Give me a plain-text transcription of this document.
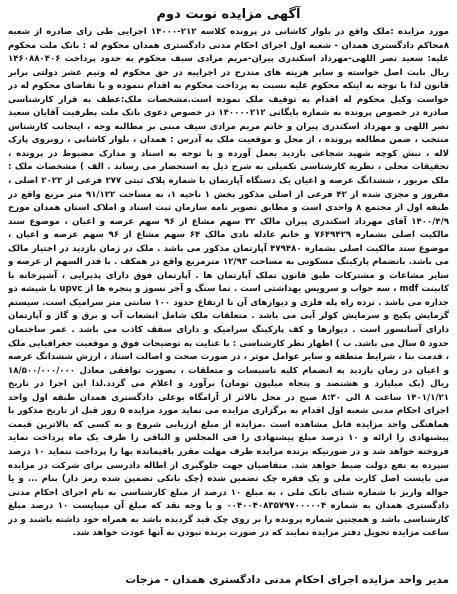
آگهی مزایده نوبت دوم

مورد مزایده :ملک واقع در بلوار کاشانی در پرونده کلاسه ۲۱۲-۱۴۰۰۰ اجرایی طی رای صادره از شعبه ۸محاکم دادگستری همدان - شعبه اول اجرای احکام مدنی دادگستری همدان محکوم له : بانک ملت محکوم علیه: سعید نصر اللهی-مهرداد اسکندری پیران-مریم مرادی سیف محکوم به حدود پرداخت ۱۴۶۰۸۸۰۴۰۶ ریال بابت اصل خواسته و سایر هزینه های مندرج در اجراییه در حق محکوم له ونیم عشر دولتی برابر قانون لذا با توجه به اینکه محکوم علیه نسبت به پرداخت محکوم به اقدام ننموده و با تقاضای محکوم له در خواست وکیل محکوم له اقدام به توقیف ملک نموده است.مشخصات ملک:عطف به قرار کارشناسی صادره در خصوص پرونده به شماره بایگانی ۱۴۰۰۰۰۲۱۲ در خصوص دعوی بانک ملت بطرفیت آقایان سعید نصر اللهی و مهرداد اسکندری پیران و خانم مریم مرادی سیف مبنی بر مطالبه وجه ، اینجانب کارشناس منتخب ، ضمن مطالعه پرونده ، از محل و موقعیت ملک به آدرس : همدان ، بلوار کاشانی ، روبروی پارک لاله ، نبش کوچه شهید شجاعی بازدید بعمل آورده و با توجه به اسناد و مدارک مضبوط در پرونده ، تحقیقات محلی ، نظریه کارشناسی تکمیلی به شرح ذیل به استحضار می رساند . الف ) مشخصات ملک : ملک مزبور ، ششدانگ عرصه و اعیان یک دستگاه آپارتمان با شماره پلاک ثبتی ۲۷۷ فرعی از ۲۰۲۲ اصلی ، مفروز و مجزی شده از ۴۲ فرعی از اصلی مذکور بخش ۱ ناحیه ۱، به مساحت ۹۱/۱۲۲ متر مربع واقع در طبقه اول از مجتمع ۸ واحدی است و مطابق تصویر نامه سازمان ثبت اسناد و املاک استان همدان مورخ ۱۴۰۰/۴/۹ آقای مهرداد اسکندری پیران مالک ۳۲ سهم مشاع از ۹۶ سهم عرصه و اعیان ، موضوع سند مالکیت اصلی بشماره ۷۶۴۹۴۲۹ و خانم عادله نادی مالک ۶۴ سهم مشاع از ۹۶ سهم عرصه و اعیان ، موضوع سند مالکیت اصلی بشماره ۴۷۹۴۸۰ آپارتمان مذکور می باشد . ملک در زمان بازدید در اختیار مالک می باشد. بانضمام پارکینگ مسکونی به مساحت ۱۲/۹۳ مترمربع واقع در همکف . با قدر السهم از عرصه و سایر مشاعات و مشترکات طبق قانون تملک آپارتمان ها . آپارتمان فوق دارای پذیرایی ، آشپزخانه با کابینت mdf ، سه خواب و سرویس بهداشتی است . نما سنگ و آجر نسوز و پنجره ها از upvc با شیشه دو جداره می باشد . نرده راه پله فلزی و دیوارهای آن تا ارتفاع حدود ۱۰۰ سانتی متر سرامیک است. سیستم گرمایش پکیج و سرمایش کولر آبی می باشد . متعلقات ملک شامل انشعاب آب و برق و گاز و آپارتمان دارای آسانسور است . دیوارها و کف پارکینگ سرامیک و دارای سقف کاذب می باشد . عمر ساختمان حدود ۵ سال می باشد. ب ) اظهار نظر کارشناسی : با عنایت به توضیحات فوق و موقعیت جغرافیایی ملک ، قدمت بنا ، شرایط منطقه و سایر عوامل موثر ، در صورت صحت و اصالت اسناد ، ارزش ششدانگ عرصه و اعیان در زمان بازدید به انضمام کلیه تاسیسات و متعلقات ، بصورت توافقی معادل ۱۸/۵۰۰/۰۰۰/۰۰۰ ریال (یک میلیارد و هشتصد و پنجاه میلیون تومان) برآورد و اعلام می گردد.لذا این اجرا در تاریخ ۱۴۰۱/۱/۲۱ ساعت ۸ الی ۸:۳۰ صبح در محل بالاتر از آرامگاه بوعلی دادگستری همدان طبقه اول واحد اجرای احکام مدنی شعبه اول اقدام به برگزاری مزایده می نماید مورد مزایده ۵ روز قبل از تاریخ مذکور با هماهنگی واحد مزایده قابل مشاهده است .مزایده از مبلغ ارزیابی شروع و به کسی که بالاترین قیمت پیشنهادی را ارائه و ۱۰ درصد مبلغ پیشنهادی را فی المجلس و الباقی را ظرف یک ماه پرداخت نماید فروخته خواهد شد و در صورتیکه برنده مزایده ظرف مهلت مقرر باقیمانده بها را پرداخت ننماید ۱۰ درصد سپرده به نفع دولت ضبط خواهد شد. متقاضیان جهت جلوگیری از اطاله دادرسی برای شرکت در مزایده می بایست اصل کارت ملی و یک فقره چک تضمین شده (چک بانکی تضمین شده رمز دار) بنام ... و یا حواله واریز با شماره شبای بانک ملی ، به مبلغ ۱۰ درصد از مبلغ کارشناسی به نام اجرای احکام مدنی دادگستری همدان به شماره ۰۰۴۰۰۴۰۸۳۵۷۹۷۰۰۰۰۰۴ و یا وجه نقد که مبلغ آن میبایست ۱۰ درصد مبلغ کارشناسی باشد و همچنین شماره پرونده را بر روی چک قید گردیده باشد به همراه خود داشته باشند و در ساعت مزایده تحویل دفتر مزایده نمایند که در صورت برنده نبودن به آنها عودت خواهد شد.

مدیر واحد مزایده اجرای احکام مدنی دادگستری همدان - مزجات
